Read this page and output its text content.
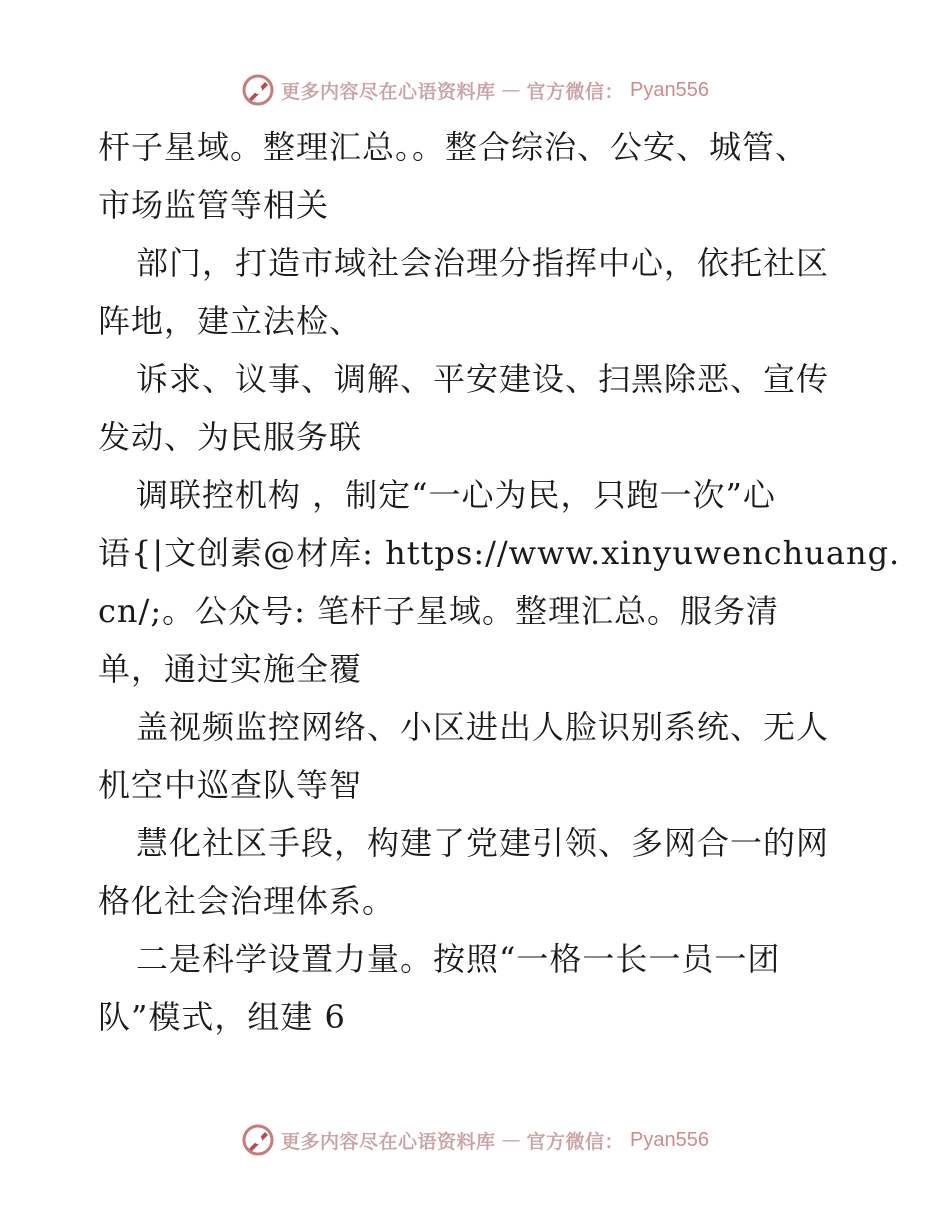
更多内容尽在心语资料库 — 官方微信： Pyan556
杆子星域。整理汇总。。整合综治、公安、城管、
市场监管等相关
部门，打造市域社会治理分指挥中心，依托社区
阵地，建立法检、
诉求、议事、调解、平安建设、扫黑除恶、宣传
发动、为民服务联
调联控机构 ，制定“一心为民，只跑一次”心
语{|文创素@材库: https://www.xinyuwenchuang.
cn/;。公众号: 笔杆子星域。整理汇总。服务清
单，通过实施全覆
盖视频监控网络、小区进出人脸识别系统、无人
机空中巡查队等智
慧化社区手段，构建了党建引领、多网合一的网
格化社会治理体系。
二是科学设置力量。按照“一格一长一员一团
队”模式，组建 6
更多内容尽在心语资料库 — 官方微信： Pyan556
